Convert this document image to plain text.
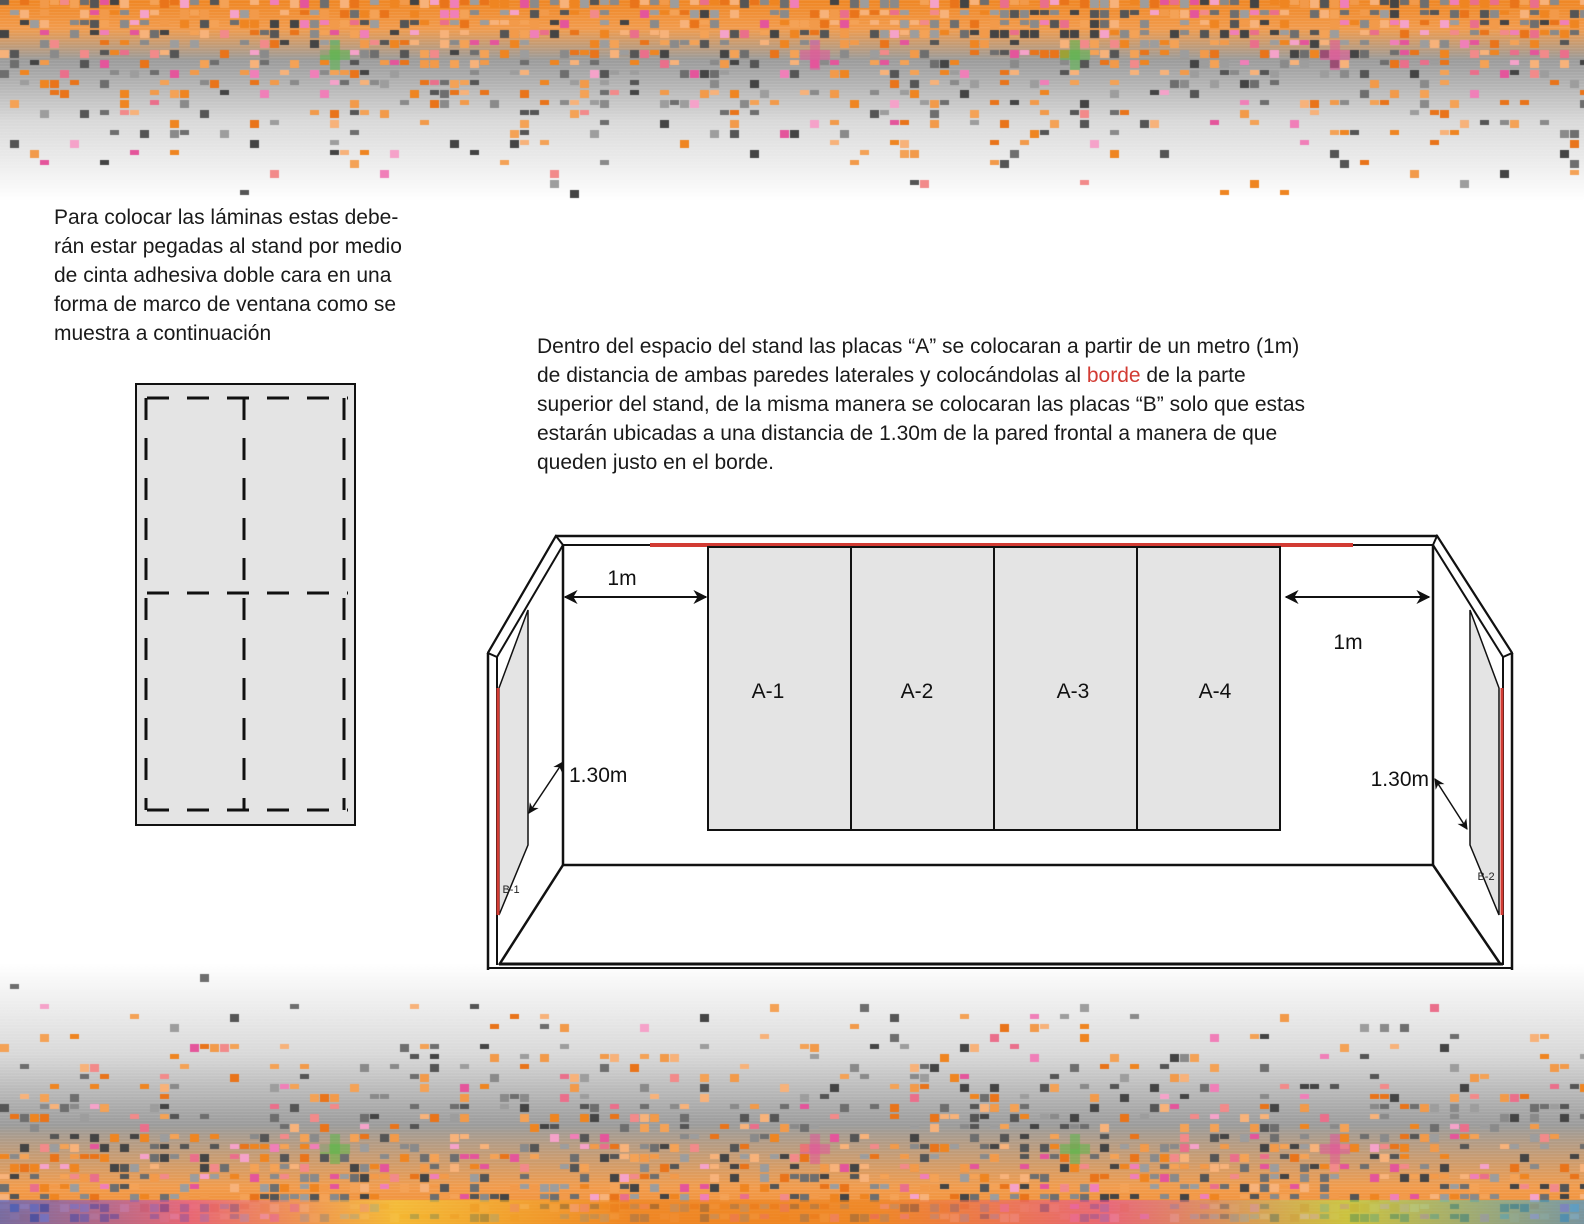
Para colocar las láminas estas debe-
rán estar pegadas al stand por medio
de cinta adhesiva doble cara en una
forma de marco de ventana como se
muestra a continuación

Dentro del espacio del stand las placas “A” se colocaran a partir de un metro (1m)
de distancia de ambas paredes laterales y colocándolas al borde de la parte
superior del stand, de la misma manera se colocaran las placas “B” solo que estas
estarán ubicadas a una distancia de 1.30m de la pared frontal a manera de que
queden justo en el borde.

A-1	A-2	A-3	A-4
B-1
B-2
1m
1m
1.30m	1.30m
